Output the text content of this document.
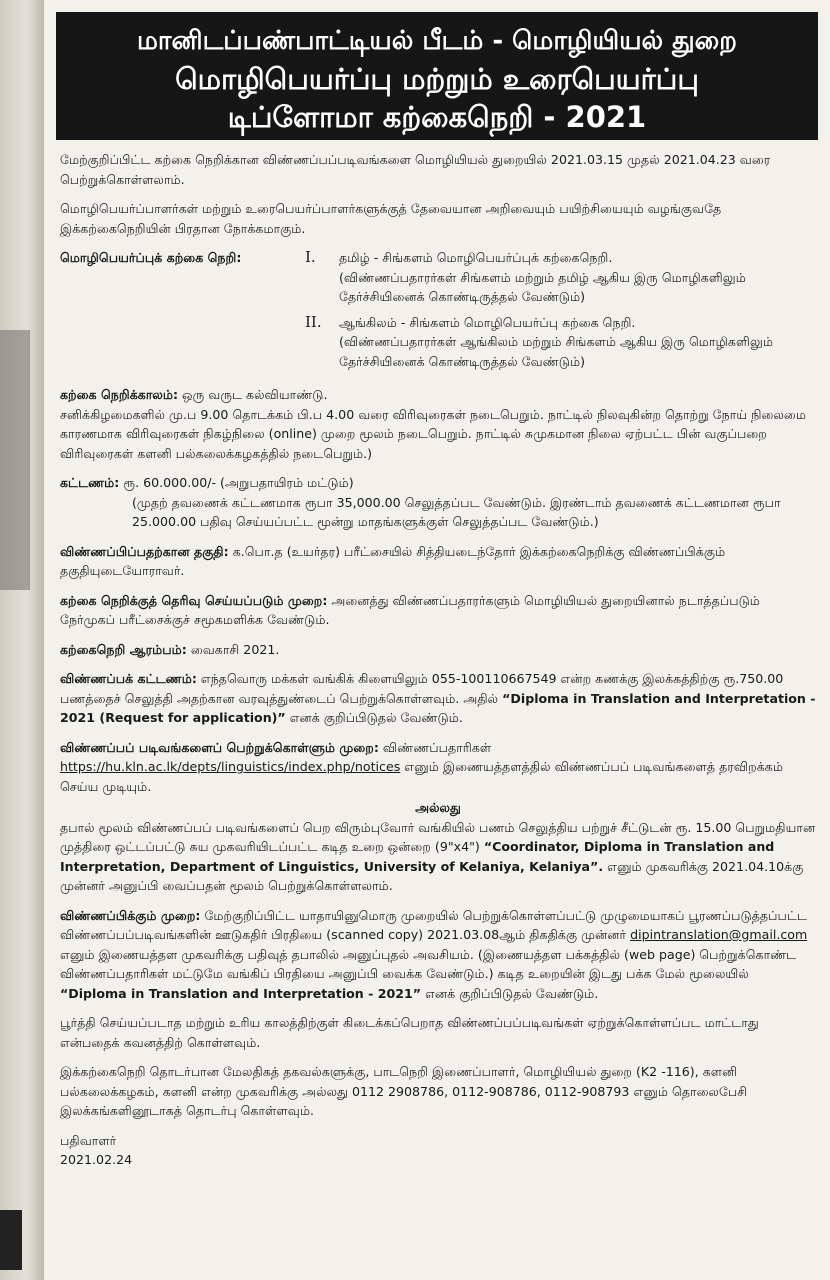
மானிடப்பண்பாட்டியல் பீடம் - மொழியியல் துறை
மொழிபெயர்ப்பு மற்றும் உரைபெயர்ப்பு
டிப்ளோமா கற்கைநெறி - 2021

மேற்குறிப்பிட்ட கற்கை நெறிக்கான விண்ணப்பப்படிவங்களை மொழியியல் துறையில் 2021.03.15 முதல் 2021.04.23 வரை பெற்றுக்கொள்ளலாம்.

மொழிபெயர்ப்பாளர்கள் மற்றும் உரைபெயர்ப்பாளர்களுக்குத் தேவையான அறிவையும் பயிற்சியையும் வழங்குவதே இக்கற்கைநெறியின் பிரதான நோக்கமாகும்.

மொழிபெயர்ப்புக் கற்கை நெறி:	I.	தமிழ் - சிங்களம் மொழிபெயர்ப்புக் கற்கைநெறி.
(விண்ணப்பதாரர்கள் சிங்களம் மற்றும் தமிழ் ஆகிய இரு மொழிகளிலும் தேர்ச்சியினைக் கொண்டிருத்தல் வேண்டும்)
II.	ஆங்கிலம் - சிங்களம் மொழிபெயர்ப்பு கற்கை நெறி.
(விண்ணப்பதாரர்கள் ஆங்கிலம் மற்றும் சிங்களம் ஆகிய இரு மொழிகளிலும் தேர்ச்சியினைக் கொண்டிருத்தல் வேண்டும்)

கற்கை நெறிக்காலம்: ஒரு வருட கல்வியாண்டு.
சனிக்கிழமைகளில் மு.ப 9.00 தொடக்கம் பி.ப 4.00 வரை விரிவுரைகள் நடைபெறும். நாட்டில் நிலவுகின்ற தொற்று நோய் நிலைமை காரணமாக விரிவுரைகள் நிகழ்நிலை (online) முறை மூலம் நடைபெறும். நாட்டில் சுமுகமான நிலை ஏற்பட்ட பின் வகுப்பறை விரிவுரைகள் களனி பல்கலைக்கழகத்தில் நடைபெறும்.)

கட்டணம்: ரூ. 60.000.00/- (அறுபதாயிரம் மட்டும்)

(முதற் தவணைக் கட்டணமாக ரூபா 35,000.00 செலுத்தப்பட வேண்டும். இரண்டாம் தவணைக் கட்டணமான ரூபா 25.000.00 பதிவு செய்யப்பட்ட மூன்று மாதங்களுக்குள் செலுத்தப்பட வேண்டும்.)

விண்ணப்பிப்பதற்கான தகுதி: க.பொ.த (உயர்தர) பரீட்சையில் சித்தியடைந்தோர் இக்கற்கைநெறிக்கு விண்ணப்பிக்கும் தகுதியுடையோராவர்.

கற்கை நெறிக்குத் தெரிவு செய்யப்படும் முறை: அனைத்து விண்ணப்பதாரர்களும் மொழியியல் துறையினால் நடாத்தப்படும் நேர்முகப் பரீட்சைக்குச் சமூகமளிக்க வேண்டும்.

கற்கைநெறி ஆரம்பம்: வைகாசி 2021.

விண்ணப்பக் கட்டணம்: எந்தவொரு மக்கள் வங்கிக் கிளையிலும் 055-100110667549 என்ற கணக்கு இலக்கத்திற்கு ரூ.750.00 பணத்தைச் செலுத்தி அதற்கான வரவுத்துண்டைப் பெற்றுக்கொள்ளவும். அதில் “Diploma in Translation and Interpretation - 2021 (Request for application)” எனக் குறிப்பிடுதல் வேண்டும்.

விண்ணப்பப் படிவங்களைப் பெற்றுக்கொள்ளும் முறை: விண்ணப்பதாரிகள் https://hu.kln.ac.lk/depts/linguistics/index.php/notices எனும் இணையத்தளத்தில் விண்ணப்பப் படிவங்களைத் தரவிறக்கம் செய்ய முடியும்.

அல்லது

தபால் மூலம் விண்ணப்பப் படிவங்களைப் பெற விரும்புவோர் வங்கியில் பணம் செலுத்திய பற்றுச் சீட்டுடன் ரூ. 15.00 பெறுமதியான முத்திரை ஒட்டப்பட்டு சுய முகவரியிடப்பட்ட கடித உறை ஒன்றை (9"x4") “Coordinator, Diploma in Translation and Interpretation, Department of Linguistics, University of Kelaniya, Kelaniya”. எனும் முகவரிக்கு 2021.04.10க்கு முன்னர் அனுப்பி வைப்பதன் மூலம் பெற்றுக்கொள்ளலாம்.

விண்ணப்பிக்கும் முறை: மேற்குறிப்பிட்ட யாதாயினுமொரு முறையில் பெற்றுக்கொள்ளப்பட்டு முழுமையாகப் பூரணப்படுத்தப்பட்ட விண்ணப்பப்படிவங்களின் ஊடுகதிர் பிரதியை (scanned copy) 2021.03.08ஆம் திகதிக்கு முன்னர் dipintranslation@gmail.com எனும் இணையத்தள முகவரிக்கு பதிவுத் தபாலில் அனுப்புதல் அவசியம். (இணையத்தள பக்கத்தில் (web page) பெற்றுக்கொண்ட விண்ணப்பதாரிகள் மட்டுமே வங்கிப் பிரதியை அனுப்பி வைக்க வேண்டும்.) கடித உறையின் இடது பக்க மேல் மூலையில் “Diploma in Translation and Interpretation - 2021” எனக் குறிப்பிடுதல் வேண்டும்.

பூர்த்தி செய்யப்படாத மற்றும் உரிய காலத்திற்குள் கிடைக்கப்பெறாத விண்ணப்பப்படிவங்கள் ஏற்றுக்கொள்ளப்பட மாட்டாது என்பதைக் கவனத்திற் கொள்ளவும்.

இக்கற்கைநெறி தொடர்பான மேலதிகத் தகவல்களுக்கு, பாடநெறி இணைப்பாளர், மொழியியல் துறை (K2 -116), களனி பல்கலைக்கழகம், களனி என்ற முகவரிக்கு அல்லது 0112 2908786, 0112-908786, 0112-908793 எனும் தொலைபேசி இலக்கங்களினூடாகத் தொடர்பு கொள்ளவும்.

பதிவாளர்
2021.02.24
